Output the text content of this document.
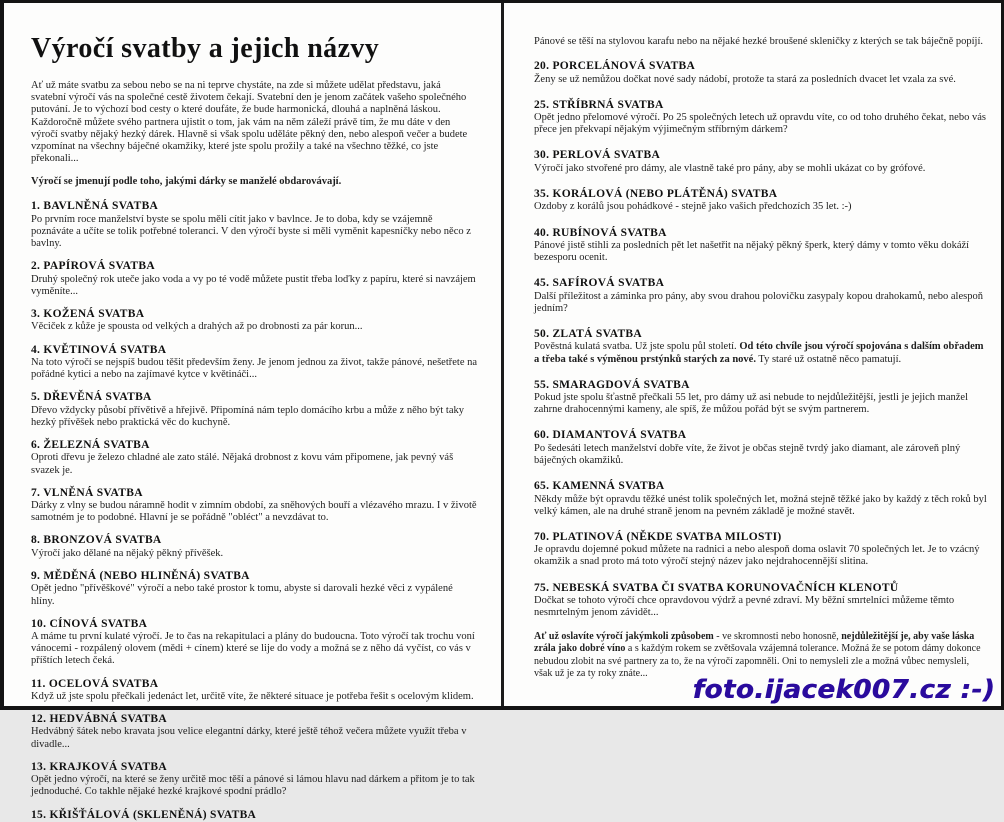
Výročí svatby a jejich názvy
Ať už máte svatbu za sebou nebo se na ni teprve chystáte, na zde si můžete udělat představu, jaká svatební výročí vás na společné cestě životem čekají. Svatební den je jenom začátek vašeho společného putování. Je to výchozí bod cesty o které doufáte, že bude harmonická, dlouhá a naplněná láskou. Každoročně můžete svého partnera ujistit o tom, jak vám na něm záleží právě tím, že mu dáte v den výročí svatby nějaký hezký dárek. Hlavně si však spolu uděláte pěkný den, nebo alespoň večer a budete vzpomínat na všechny báječné okamžiky, které jste spolu prožily a také na všechno těžké, co jste překonali...
Výročí se jmenují podle toho, jakými dárky se manželé obdarovávají.
1. BAVLNĚNÁ SVATBA
Po prvním roce manželství byste se spolu měli cítit jako v bavlnce. Je to doba, kdy se vzájemně poznáváte a učíte se tolik potřebné toleranci. V den výročí byste si měli vyměnit kapesníčky nebo něco z bavlny.
2. PAPÍROVÁ SVATBA
Druhý společný rok uteče jako voda a vy po té vodě můžete pustit třeba loďky z papíru, které si navzájem vyměníte...
3. KOŽENÁ SVATBA
Věciček z kůže je spousta od velkých a drahých až po drobnosti za pár korun...
4. KVĚTINOVÁ SVATBA
Na toto výročí se nejspíš budou těšit především ženy. Je jenom jednou za život, takže pánové, nešetřete na pořádné kytici a nebo na zajímavé kytce v květináči...
5. DŘEVĚNÁ SVATBA
Dřevo vždycky působí přívětivě a hřejivě. Připomíná nám teplo domácího krbu a může z něho být taky hezký přívěšek nebo praktická věc do kuchyně.
6. ŽELEZNÁ SVATBA
Oproti dřevu je železo chladné ale zato stálé. Nějaká drobnost z kovu vám připomene, jak pevný váš svazek je.
7. VLNĚNÁ SVATBA
Dárky z vlny se budou náramně hodit v zimním období, za sněhových bouří a vlézavého mrazu. I v životě samotném je to podobné. Hlavní je se pořádně "obléct" a nevzdávat to.
8. BRONZOVÁ SVATBA
Výročí jako dělané na nějaký pěkný přívěšek.
9. MĚDĚNÁ (NEBO HLINĚNÁ) SVATBA
Opět jedno "přívěškové" výročí a nebo také prostor k tomu, abyste si darovali hezké věci z vypálené hlíny.
10. CÍNOVÁ SVATBA
A máme tu první kulaté výročí. Je to čas na rekapitulaci a plány do budoucna. Toto výročí tak trochu voní vánocemi - rozpálený olovem (mědi + cínem) které se lije do vody a možná se z něho dá vyčíst, co vás v příštích letech čeká.
11. OCELOVÁ SVATBA
Když už jste spolu přečkali jedenáct let, určitě víte, že některé situace je potřeba řešit s ocelovým klidem.
12. HEDVÁBNÁ SVATBA
Hedvábný šátek nebo kravata jsou velice elegantní dárky, které ještě téhož večera můžete využít třeba v divadle...
13. KRAJKOVÁ SVATBA
Opět jedno výročí, na které se ženy určitě moc těší a pánové si lámou hlavu nad dárkem a přitom je to tak jednoduché. Co takhle nějaké hezké krajkové spodní prádlo?
15. KŘIŠŤÁLOVÁ (SKLENĚNÁ) SVATBA
Pánové se těší na stylovou karafu nebo na nějaké hezké broušené skleničky z kterých se tak báječně popíjí.
20. PORCELÁNOVÁ SVATBA
Ženy se už nemůžou dočkat nové sady nádobí, protože ta stará za posledních dvacet let vzala za své.
25. STŘÍBRNÁ SVATBA
Opět jedno přelomové výročí. Po 25 společných letech už opravdu víte, co od toho druhého čekat, nebo vás přece jen překvapí nějakým výjimečným stříbrným dárkem?
30. PERLOVÁ SVATBA
Výročí jako stvořené pro dámy, ale vlastně také pro pány, aby se mohli ukázat co by grófové.
35. KORÁLOVÁ (NEBO PLÁTĚNÁ) SVATBA
Ozdoby z korálů jsou pohádkové - stejně jako vašich předchozích 35 let. :-)
40. RUBÍNOVÁ SVATBA
Pánové jistě stihli za posledních pět let našetřit na nějaký pěkný šperk, který dámy v tomto věku dokáží bezesporu ocenit.
45. SAFÍROVÁ SVATBA
Další příležitost a záminka pro pány, aby svou drahou polovičku zasypaly kopou drahokamů, nebo alespoň jedním?
50. ZLATÁ SVATBA
Pověstná kulatá svatba. Už jste spolu půl století. Od této chvíle jsou výročí spojována s dalším obřadem a třeba také s výměnou prstýnků starých za nové. Ty staré už ostatně něco pamatují.
55. SMARAGDOVÁ SVATBA
Pokud jste spolu šťastně přečkali 55 let, pro dámy už asi nebude to nejdůležitější, jestli je jejich manžel zahrne drahocennými kameny, ale spíš, že můžou pořád být se svým partnerem.
60. DIAMANTOVÁ SVATBA
Po šedesáti letech manželství dobře víte, že život je občas stejně tvrdý jako diamant, ale zároveň plný báječných okamžiků.
65. KAMENNÁ SVATBA
Někdy může být opravdu těžké unést tolik společných let, možná stejně těžké jako by každý z těch roků byl velký kámen, ale na druhé straně jenom na pevném základě je možné stavět.
70. PLATINOVÁ (NĚKDE SVATBA MILOSTI)
Je opravdu dojemné pokud můžete na radnici a nebo alespoň doma oslavit 70 společných let. Je to vzácný okamžik a snad proto má toto výročí stejný název jako nejdrahocennější slitina.
75. NEBESKÁ SVATBA ČI SVATBA KORUNOVAČNÍCH KLENOTŮ
Dočkat se tohoto výročí chce opravdovou výdrž a pevné zdraví. My běžní smrtelníci můžeme těmto nesmrtelným jenom závidět...
Ať už oslavíte výročí jakýmkoli způsobem - ve skromnosti nebo honosně, nejdůležitější je, aby vaše láska zrála jako dobré víno a s každým rokem se zvětšovala vzájemná tolerance. Možná že se potom dámy dokonce nebudou zlobit na své partnery za to, že na výročí zapomněli. Oni to nemysleli zle a možná vůbec nemysleli, však už je za ty roky znáte...
foto.ijacek007.cz :-)
